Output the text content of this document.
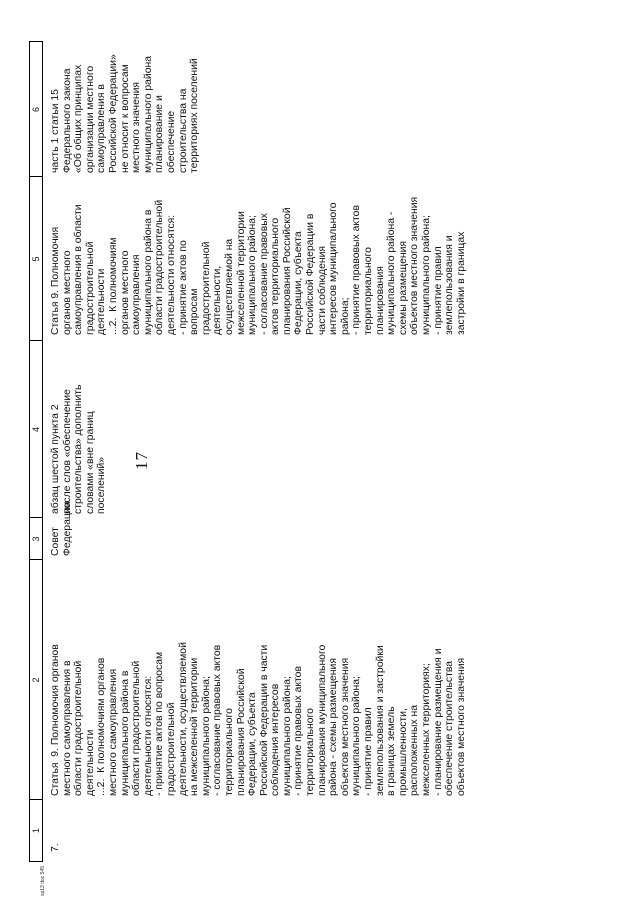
17
1
2
3
4
5
6
7.
Статья  9. Полномочия органов
местного самоуправления в
области градостроительной
деятельности
...2.  К полномочиям органов
местного самоуправления
муниципального района в
области градостроительной
деятельности относятся:
- принятие актов по вопросам
градостроительной
деятельности, осуществляемой
на межселенной территории
муниципального района;
- согласование правовых актов
территориального
планирования Российской
Федерации, субъекта
Российской Федерации в части
соблюдения интересов
муниципального района;
- принятие правовых актов
территориального
планирования муниципального
района - схемы размещения
объектов местного значения
муниципального района;
- принятие правил
землепользования и застройки
в границах земель
промышленности,
расположенных на
межселенных территориях;
- планирование размещения и
обеспечение строительства
объектов местного значения
Совет
Федерации
абзац шестой пункта 2
после слов «обеспечение
строительства» дополнить
словами «вне границ
поселений»
Статья 9. Полномочия
органов местного
самоуправления в области
градостроительной
деятельности
...2.  К полномочиям
органов местного
самоуправления
муниципального района в
области градостроительной
деятельности относятся:
- принятие актов по
вопросам
градостроительной
деятельности,
осуществляемой на
межселенной территории
муниципального района;
- согласование правовых
актов территориального
планирования Российской
Федерации, субъекта
Российской Федерации в
части соблюдения
интересов муниципального
района;
- принятие правовых актов
территориального
планирования
муниципального района -
схемы размещения
объектов местного значения
муниципального района;
- принятие правил
землепользования и
застройки в границах
часть 1 статьи 15
Федерального закона
«Об общих принципах
организации местного
самоуправления в
Российской Федерации»
не относит к вопросам
местного значения
муниципального района
планирование и
обеспечение
строительства на
территориях поселений
sp13 doc 545
